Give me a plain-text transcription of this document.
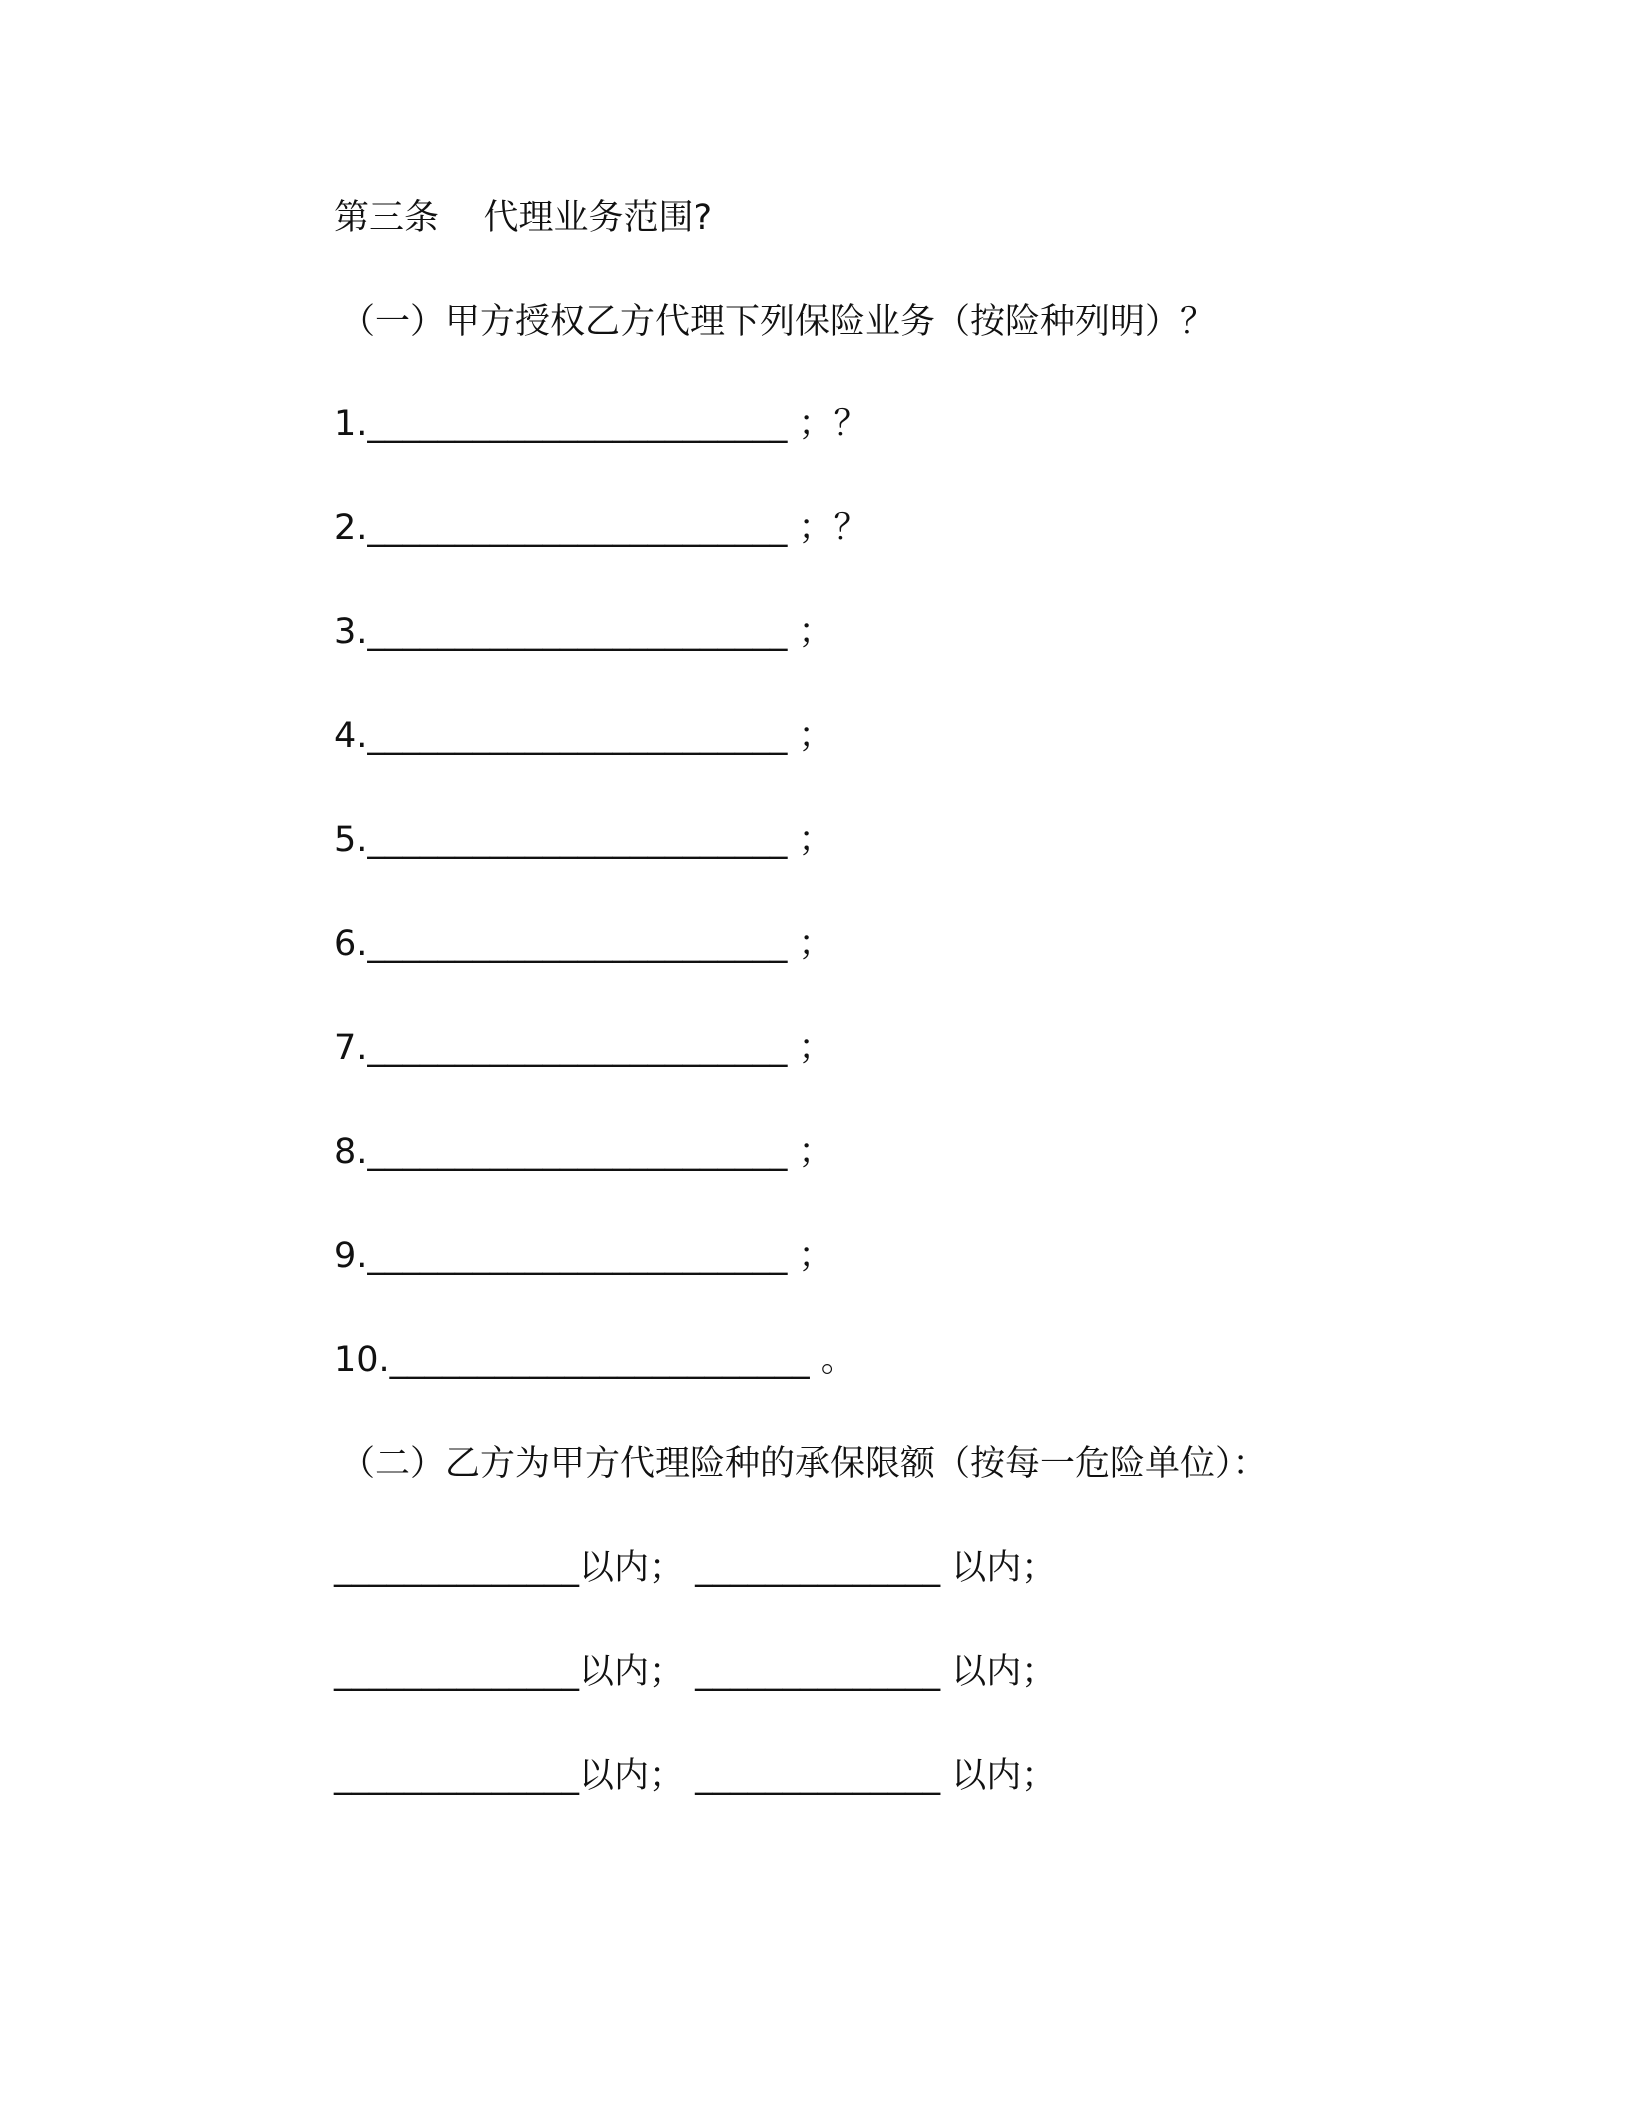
第三条    代理业务范围?
（一）甲方授权乙方代理下列保险业务（按险种列明）？
1.________________________ ；？
2.________________________ ；？
3.________________________ ；
4.________________________ ；
5.________________________ ；
6.________________________ ；
7.________________________ ；
8.________________________ ；
9.________________________ ；
10.________________________ 。
（二）乙方为甲方代理险种的承保限额（按每一危险单位）：
______________以内； ______________ 以内；
______________以内； ______________ 以内；
______________以内； ______________ 以内；
